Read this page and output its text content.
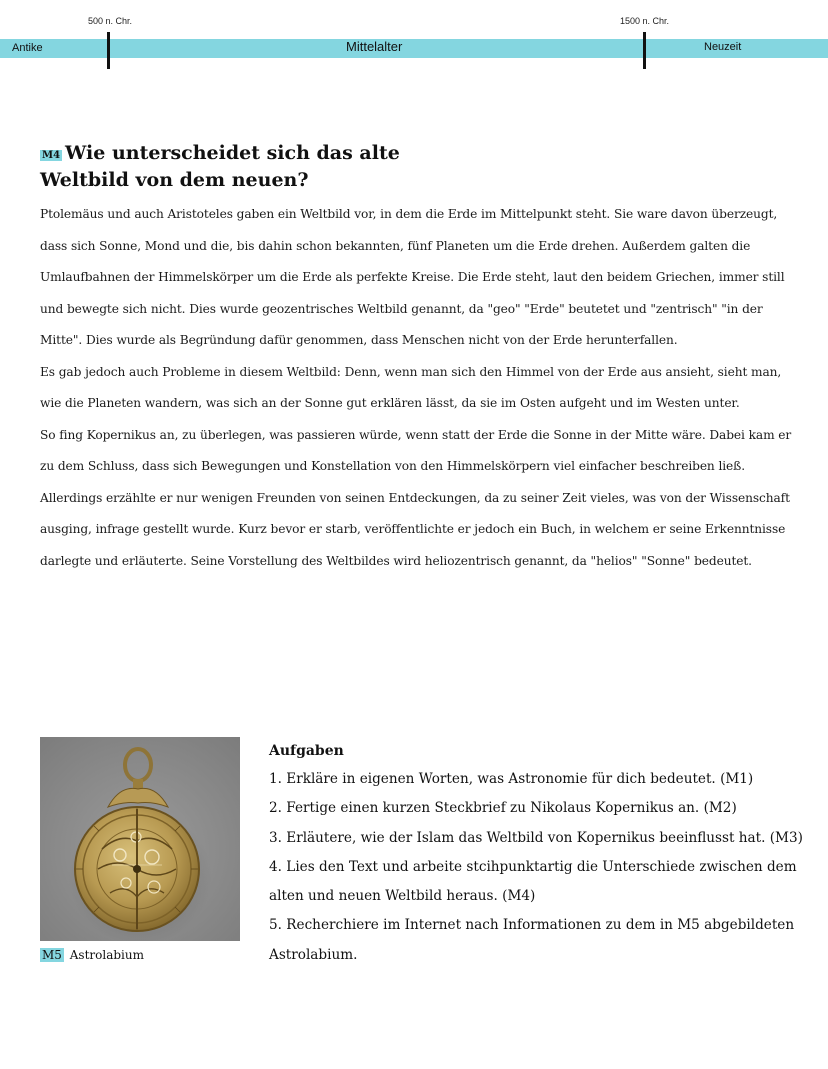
500 n. Chr.	1500 n. Chr.
Antike	Mittelalter	Neuzeit
M4 Wie unterscheidet sich das alte
Weltbild von dem neuen?

Ptolemäus und auch Aristoteles gaben ein Weltbild vor, in dem die Erde im Mittelpunkt steht. Sie ware davon überzeugt, dass sich Sonne, Mond und die, bis dahin schon bekannten, fünf Planeten um die Erde drehen. Außerdem galten die Umlaufbahnen der Himmelskörper um die Erde als perfekte Kreise. Die Erde steht, laut den beidem Griechen, immer still und bewegte sich nicht. Dies wurde geozentrisches Weltbild genannt, da "geo" "Erde" beutetet und "zentrisch" "in der Mitte". Dies wurde als Begründung dafür genommen, dass Menschen nicht von der Erde herunterfallen.

Es gab jedoch auch Probleme in diesem Weltbild: Denn, wenn man sich den Himmel von der Erde aus ansieht, sieht man, wie die Planeten wandern, was sich an der Sonne gut erklären lässt, da sie im Osten aufgeht und im Westen unter.

So fing Kopernikus an, zu überlegen, was passieren würde, wenn statt der Erde die Sonne in der Mitte wäre. Dabei kam er zu dem Schluss, dass sich Bewegungen und Konstellation von den Himmelskörpern viel einfacher beschreiben ließ. Allerdings erzählte er nur wenigen Freunden von seinen Entdeckungen, da zu seiner Zeit vieles, was von der Wissenschaft ausging, infrage gestellt wurde. Kurz bevor er starb, veröffentlichte er jedoch ein Buch, in welchem er seine Erkenntnisse darlegte und erläuterte. Seine Vorstellung des Weltbildes wird heliozentrisch genannt, da "helios" "Sonne" bedeutet.

M5 Astrolabium
Aufgaben

1. Erkläre in eigenen Worten, was Astronomie für dich bedeutet. (M1)

2. Fertige einen kurzen Steckbrief zu Nikolaus Kopernikus an. (M2)

3. Erläutere, wie der Islam das Weltbild von Kopernikus beeinflusst hat. (M3)

4. Lies den Text und arbeite stcihpunktartig die Unterschiede zwischen dem alten und neuen Weltbild heraus. (M4)

5. Recherchiere im Internet nach Informationen zu dem in M5 abgebildeten Astrolabium.
